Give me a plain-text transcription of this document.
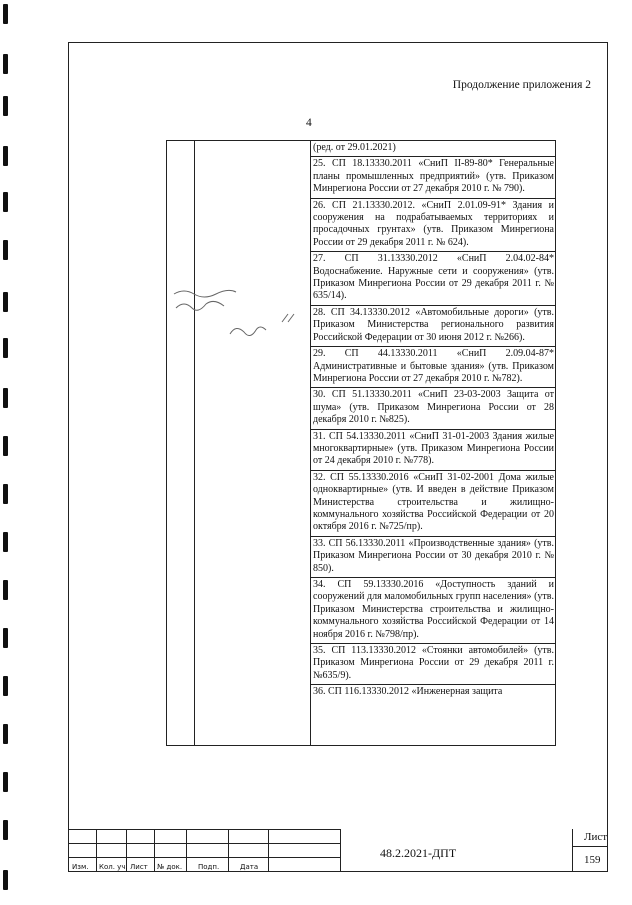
Продолжение приложения 2
4
(ред. от 29.01.2021)
25. СП 18.13330.2011 «СниП II-89-80* Генеральные планы промышленных предприятий» (утв. Приказом Минрегиона России от 27 декабря 2010 г. № 790).
26. СП 21.13330.2012. «СниП 2.01.09-91* Здания и сооружения на подрабатываемых территориях и просадочных грунтах» (утв. Приказом Минрегиона России от 29 декабря 2011 г. № 624).
27. СП 31.13330.2012 «СниП 2.04.02-84* Водоснабжение. Наружные сети и сооружения» (утв. Приказом Минрегиона России от 29 декабря 2011 г. № 635/14).
28. СП 34.13330.2012 «Автомобильные дороги» (утв. Приказом Министерства регионального развития Российской Федерации от 30 июня 2012 г. №266).
29. СП 44.13330.2011 «СниП 2.09.04-87* Административные и бытовые здания» (утв. Приказом Минрегиона России от 27 декабря 2010 г. №782).
30. СП 51.13330.2011 «СниП 23-03-2003 Защита от шума» (утв. Приказом Минрегиона России от 28 декабря 2010 г. №825).
31. СП 54.13330.2011 «СниП 31-01-2003 Здания жилые многоквартирные» (утв. Приказом Минрегиона России от 24 декабря 2010 г. №778).
32. СП 55.13330.2016 «СниП 31-02-2001 Дома жилые одноквартирные» (утв. И введен в действие Приказом Министерства строительства и жилищно-коммунального хозяйства Российской Федерации от 20 октября 2016 г. №725/пр).
33. СП 56.13330.2011 «Производственные здания» (утв. Приказом Минрегиона России от 30 декабря 2010 г. № 850).
34. СП 59.13330.2016 «Доступность зданий и сооружений для маломобильных групп населения» (утв. Приказом Министерства строительства и жилищно-коммунального хозяйства Российской Федерации от 14 ноября 2016 г. №798/пр).
35. СП 113.13330.2012 «Стоянки автомобилей» (утв. Приказом Минрегиона России от 29 декабря 2011 г. №635/9).
36. СП 116.13330.2012 «Инженерная защита
Изм. Кол. уч. Лист № док. Подп.	Дата
48.2.2021-ДПТ
Лист
159
